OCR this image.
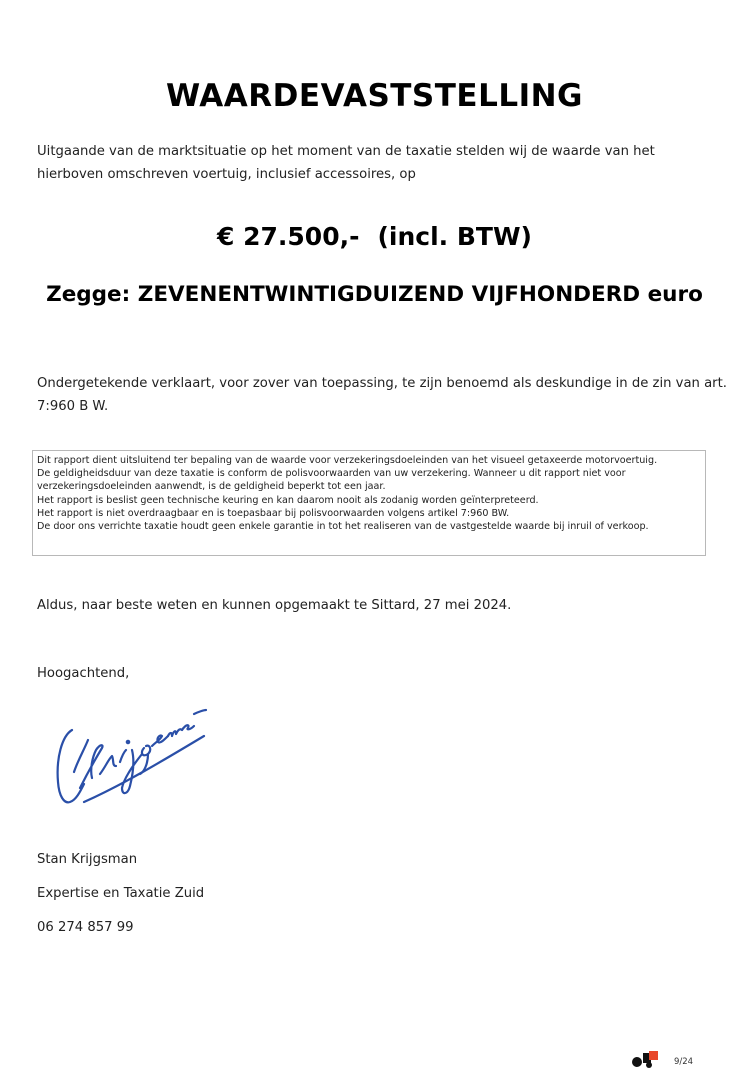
WAARDEVASTSTELLING
Uitgaande van de marktsituatie op het moment van de taxatie stelden wij de waarde van het
hierboven omschreven voertuig, inclusief accessoires, op
€ 27.500,- (incl. BTW)
Zegge: ZEVENENTWINTIGDUIZEND VIJFHONDERD euro
Ondergetekende verklaart, voor zover van toepassing, te zijn benoemd als deskundige in de zin van art.
7:960 B W.
Dit rapport dient uitsluitend ter bepaling van de waarde voor verzekeringsdoeleinden van het visueel getaxeerde motorvoertuig.
De geldigheidsduur van deze taxatie is conform de polisvoorwaarden van uw verzekering. Wanneer u dit rapport niet voor
verzekeringsdoeleinden aanwendt, is de geldigheid beperkt tot een jaar.
Het rapport is beslist geen technische keuring en kan daarom nooit als zodanig worden geïnterpreteerd.
Het rapport is niet overdraagbaar en is toepasbaar bij polisvoorwaarden volgens artikel 7:960 BW.
De door ons verrichte taxatie houdt geen enkele garantie in tot het realiseren van de vastgestelde waarde bij inruil of verkoop.
Aldus, naar beste weten en kunnen opgemaakt te Sittard, 27 mei 2024.
Hoogachtend,
Stan Krijgsman
Expertise en Taxatie Zuid
06 274 857 99
9/24
